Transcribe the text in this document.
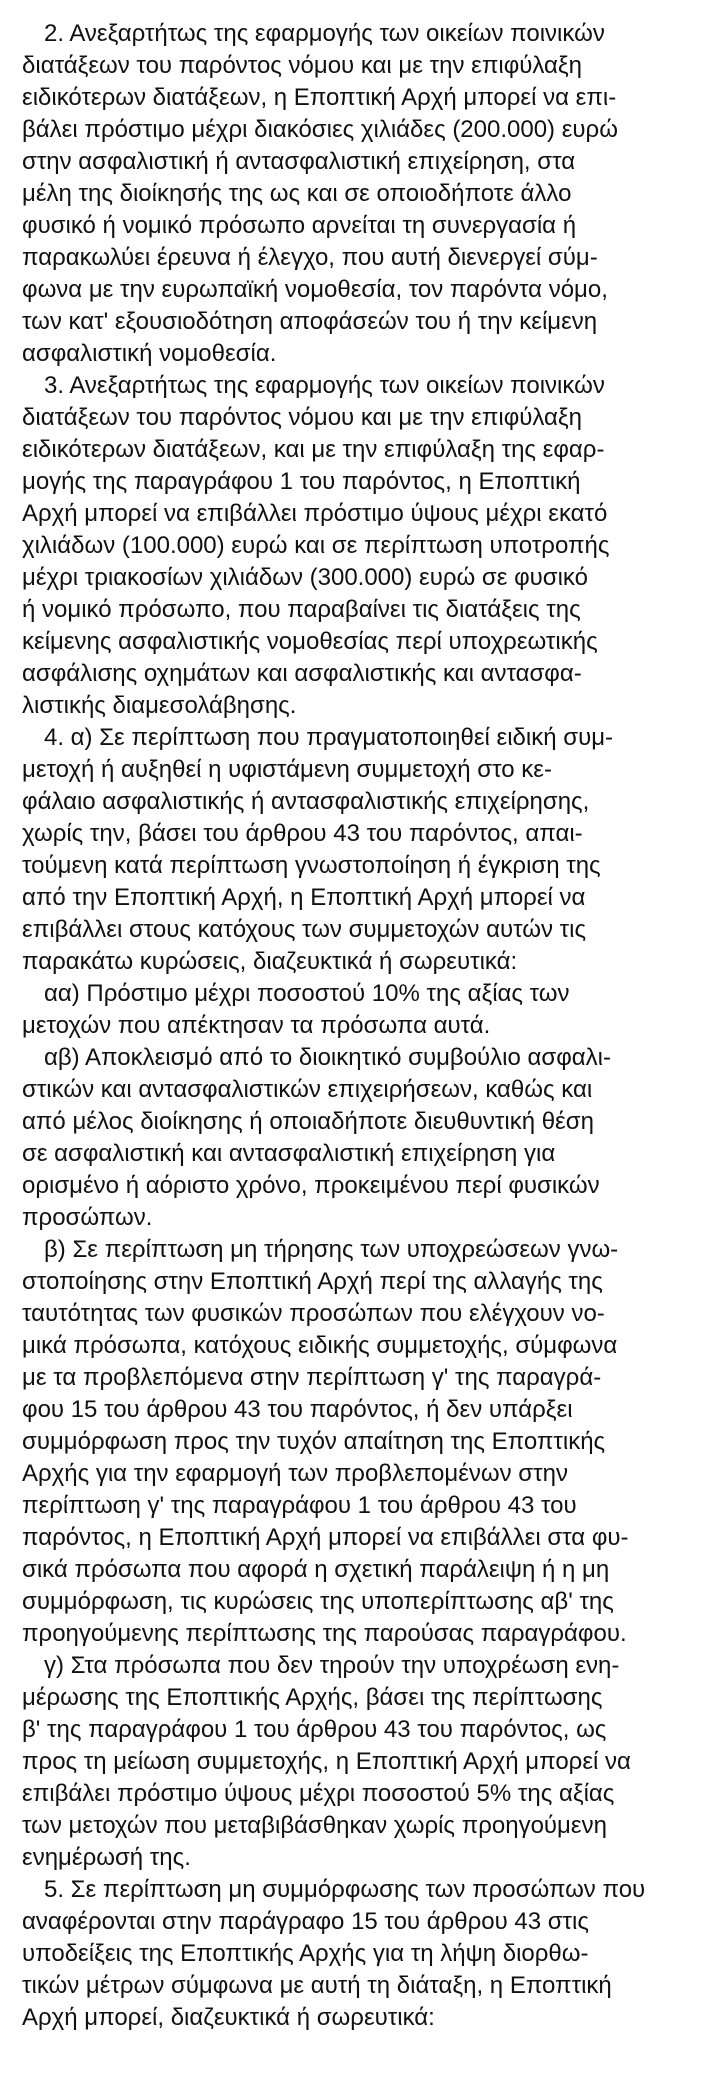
2. Ανεξαρτήτως της εφαρμογής των οικείων ποινικών
διατάξεων του παρόντος νόμου και με την επιφύλαξη
ειδικότερων διατάξεων, η Εποπτική Αρχή μπορεί να επι-
βάλει πρόστιμο μέχρι διακόσιες χιλιάδες (200.000) ευρώ
στην ασφαλιστική ή αντασφαλιστική επιχείρηση, στα
μέλη της διοίκησής της ως και σε οποιοδήποτε άλλο
φυσικό ή νομικό πρόσωπο αρνείται τη συνεργασία ή
παρακωλύει έρευνα ή έλεγχο, που αυτή διενεργεί σύμ-
φωνα με την ευρωπαϊκή νομοθεσία, τον παρόντα νόμο,
των κατ' εξουσιοδότηση αποφάσεών του ή την κείμενη
ασφαλιστική νομοθεσία.
3. Ανεξαρτήτως της εφαρμογής των οικείων ποινικών
διατάξεων του παρόντος νόμου και με την επιφύλαξη
ειδικότερων διατάξεων, και με την επιφύλαξη της εφαρ-
μογής της παραγράφου 1 του παρόντος, η Εποπτική
Αρχή μπορεί να επιβάλλει πρόστιμο ύψους μέχρι εκατό
χιλιάδων (100.000) ευρώ και σε περίπτωση υποτροπής
μέχρι τριακοσίων χιλιάδων (300.000) ευρώ σε φυσικό
ή νομικό πρόσωπο, που παραβαίνει τις διατάξεις της
κείμενης ασφαλιστικής νομοθεσίας περί υποχρεωτικής
ασφάλισης οχημάτων και ασφαλιστικής και αντασφα-
λιστικής διαμεσολάβησης.
4. α) Σε περίπτωση που πραγματοποιηθεί ειδική συμ-
μετοχή ή αυξηθεί η υφιστάμενη συμμετοχή στο κε-
φάλαιο ασφαλιστικής ή αντασφαλιστικής επιχείρησης,
χωρίς την, βάσει του άρθρου 43 του παρόντος, απαι-
τούμενη κατά περίπτωση γνωστοποίηση ή έγκριση της
από την Εποπτική Αρχή, η Εποπτική Αρχή μπορεί να
επιβάλλει στους κατόχους των συμμετοχών αυτών τις
παρακάτω κυρώσεις, διαζευκτικά ή σωρευτικά:
αα) Πρόστιμο μέχρι ποσοστού 10% της αξίας των
μετοχών που απέκτησαν τα πρόσωπα αυτά.
αβ) Αποκλεισμό από το διοικητικό συμβούλιο ασφαλι-
στικών και αντασφαλιστικών επιχειρήσεων, καθώς και
από μέλος διοίκησης ή οποιαδήποτε διευθυντική θέση
σε ασφαλιστική και αντασφαλιστική επιχείρηση για
ορισμένο ή αόριστο χρόνο, προκειμένου περί φυσικών
προσώπων.
β) Σε περίπτωση μη τήρησης των υποχρεώσεων γνω-
στοποίησης στην Εποπτική Αρχή περί της αλλαγής της
ταυτότητας των φυσικών προσώπων που ελέγχουν νο-
μικά πρόσωπα, κατόχους ειδικής συμμετοχής, σύμφωνα
με τα προβλεπόμενα στην περίπτωση γ' της παραγρά-
φου 15 του άρθρου 43 του παρόντος, ή δεν υπάρξει
συμμόρφωση προς την τυχόν απαίτηση της Εποπτικής
Αρχής για την εφαρμογή των προβλεπομένων στην
περίπτωση γ' της παραγράφου 1 του άρθρου 43 του
παρόντος, η Εποπτική Αρχή μπορεί να επιβάλλει στα φυ-
σικά πρόσωπα που αφορά η σχετική παράλειψη ή η μη
συμμόρφωση, τις κυρώσεις της υποπερίπτωσης αβ' της
προηγούμενης περίπτωσης της παρούσας παραγράφου.
γ) Στα πρόσωπα που δεν τηρούν την υποχρέωση ενη-
μέρωσης της Εποπτικής Αρχής, βάσει της περίπτωσης
β' της παραγράφου 1 του άρθρου 43 του παρόντος, ως
προς τη μείωση συμμετοχής, η Εποπτική Αρχή μπορεί να
επιβάλει πρόστιμο ύψους μέχρι ποσοστού 5% της αξίας
των μετοχών που μεταβιβάσθηκαν χωρίς προηγούμενη
ενημέρωσή της.
5. Σε περίπτωση μη συμμόρφωσης των προσώπων που
αναφέρονται στην παράγραφο 15 του άρθρου 43 στις
υποδείξεις της Εποπτικής Αρχής για τη λήψη διορθω-
τικών μέτρων σύμφωνα με αυτή τη διάταξη, η Εποπτική
Αρχή μπορεί, διαζευκτικά ή σωρευτικά:
